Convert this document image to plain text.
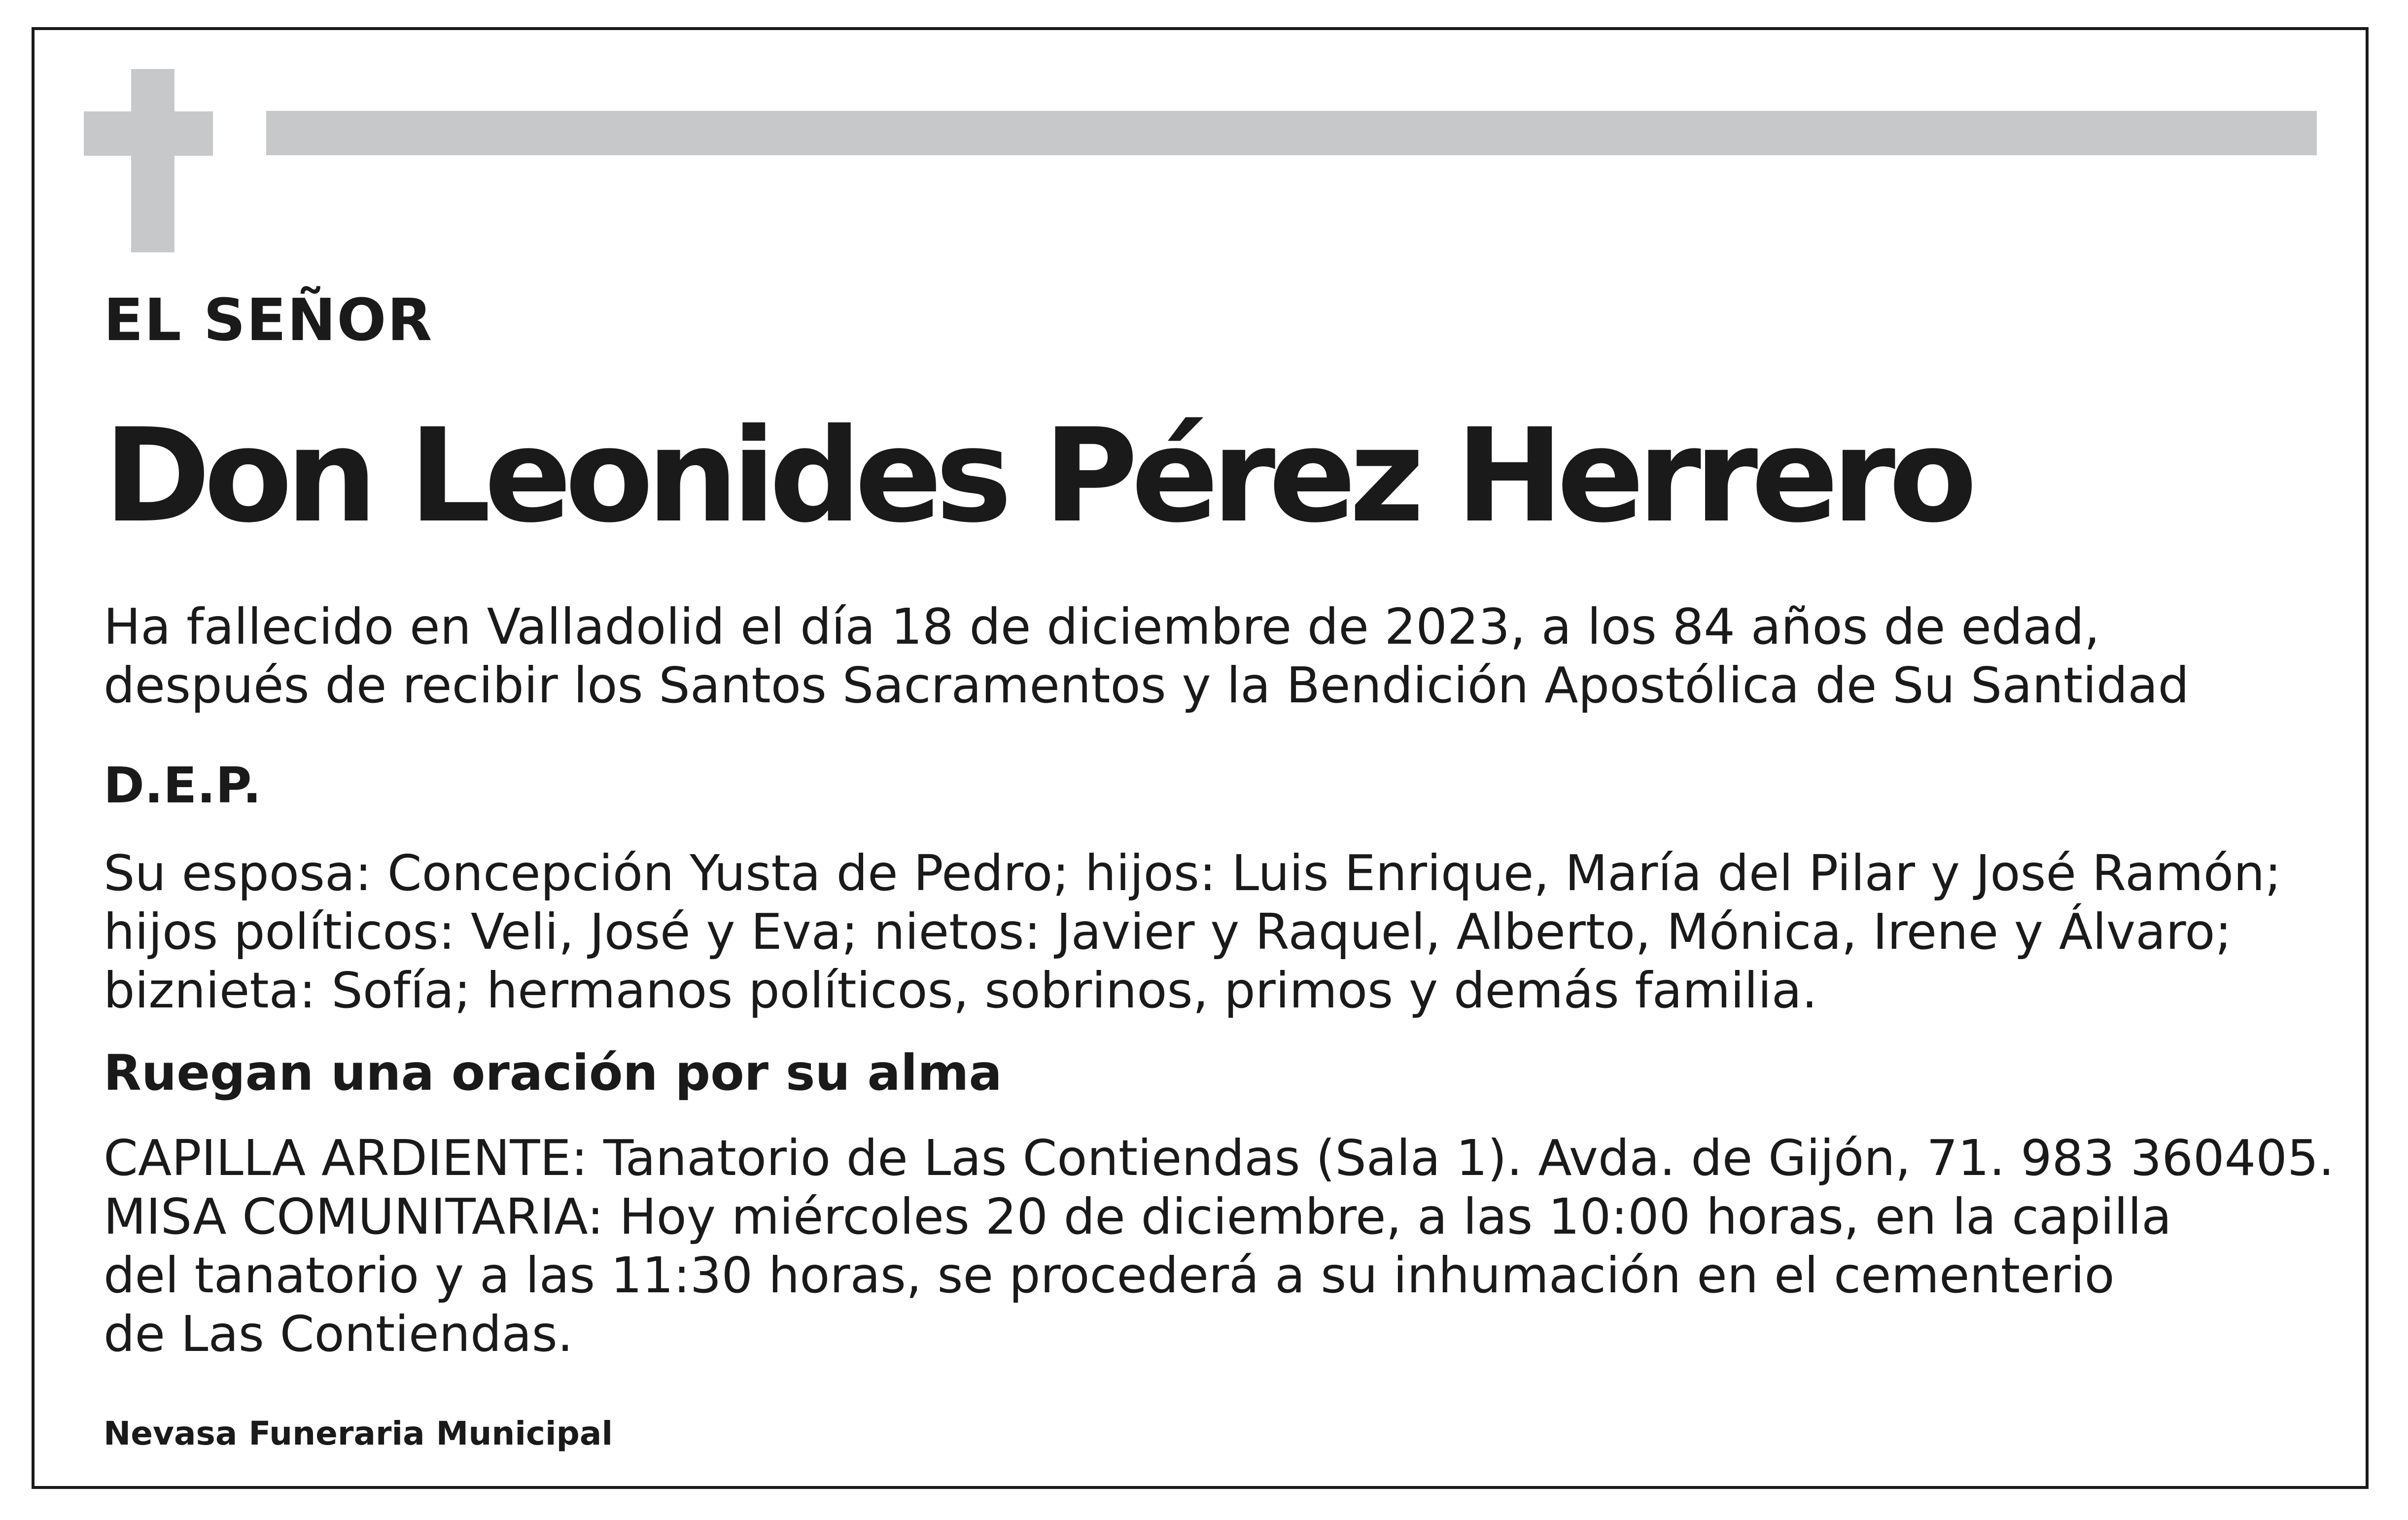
EL SEÑOR

Don Leonides Pérez Herrero

Ha fallecido en Valladolid el día 18 de diciembre de 2023, a los 84 años de edad,
después de recibir los Santos Sacramentos y la Bendición Apostólica de Su Santidad

D.E.P.

Su esposa: Concepción Yusta de Pedro; hijos: Luis Enrique, María del Pilar y José Ramón;
hijos políticos: Veli, José y Eva; nietos: Javier y Raquel, Alberto, Mónica, Irene y Álvaro;
biznieta: Sofía; hermanos políticos, sobrinos, primos y demás familia.

Ruegan una oración por su alma

CAPILLA ARDIENTE: Tanatorio de Las Contiendas (Sala 1). Avda. de Gijón, 71. 983 360405.
MISA COMUNITARIA: Hoy miércoles 20 de diciembre, a las 10:00 horas, en la capilla
del tanatorio y a las 11:30 horas, se procederá a su inhumación en el cementerio
de Las Contiendas.

Nevasa Funeraria Municipal
